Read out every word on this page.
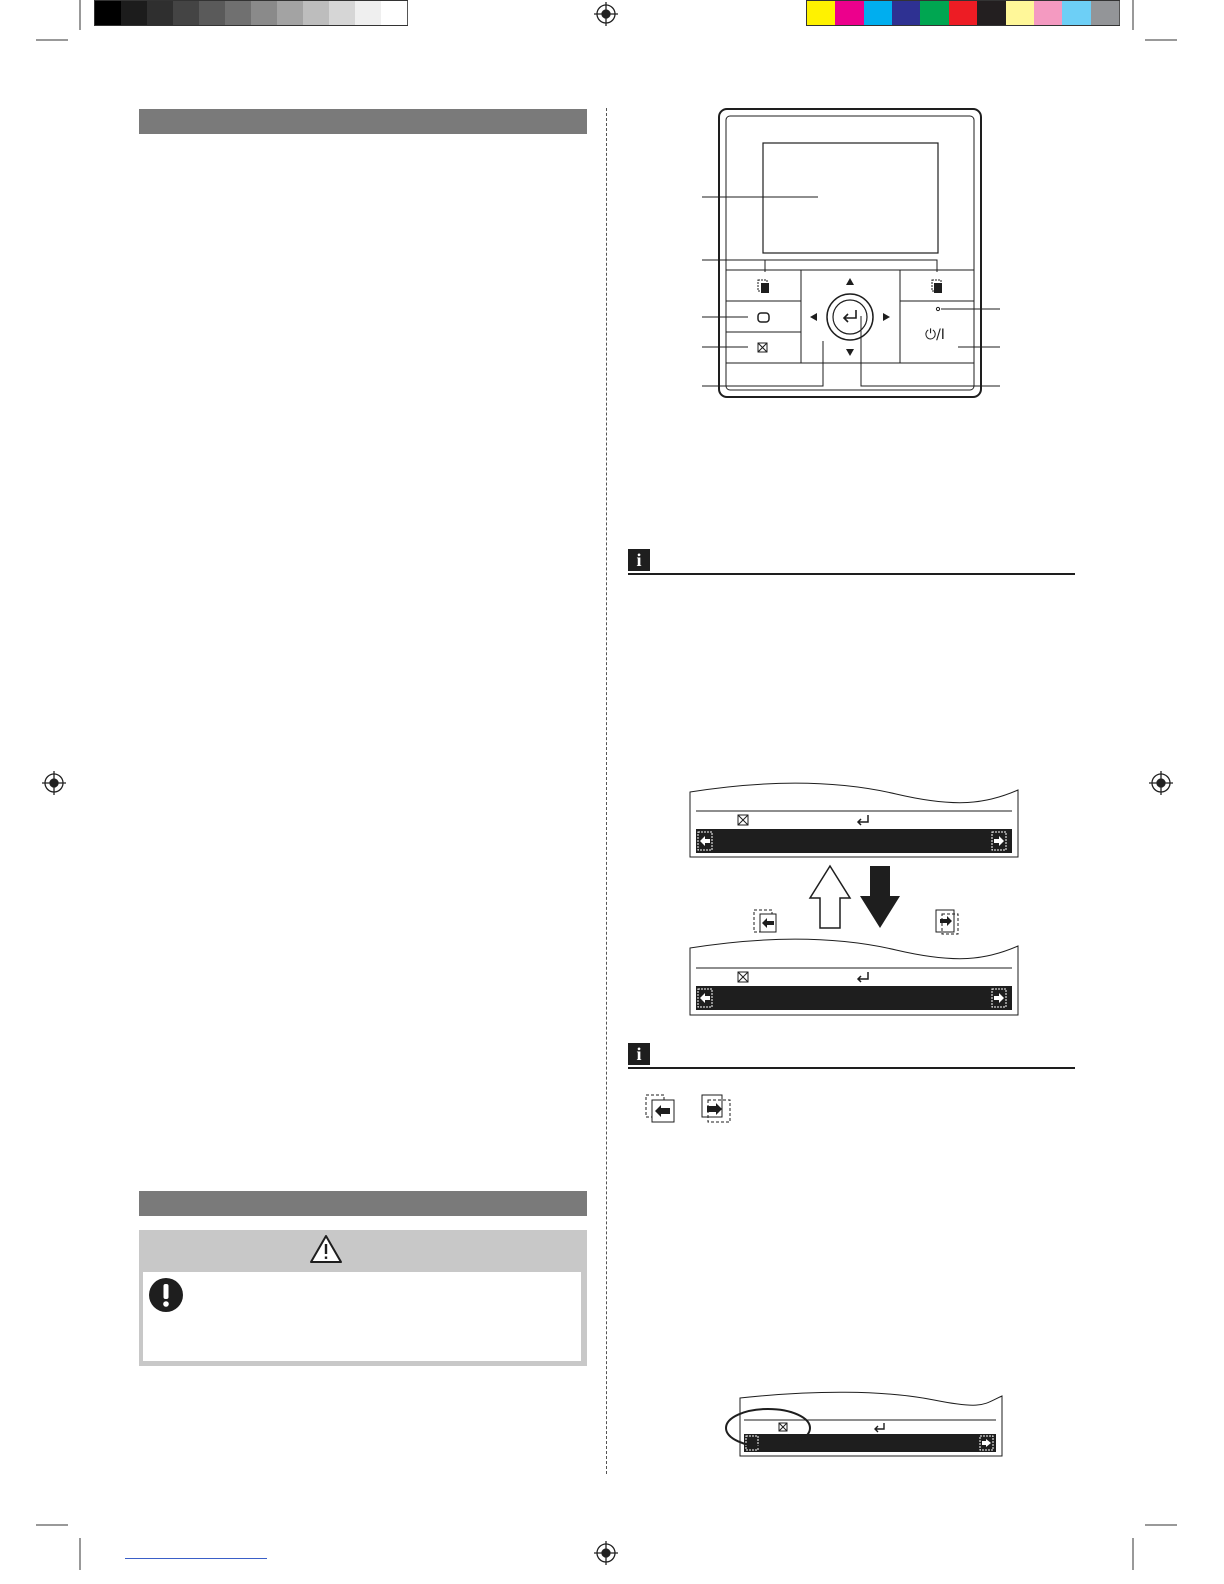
⏻/I
i
i
